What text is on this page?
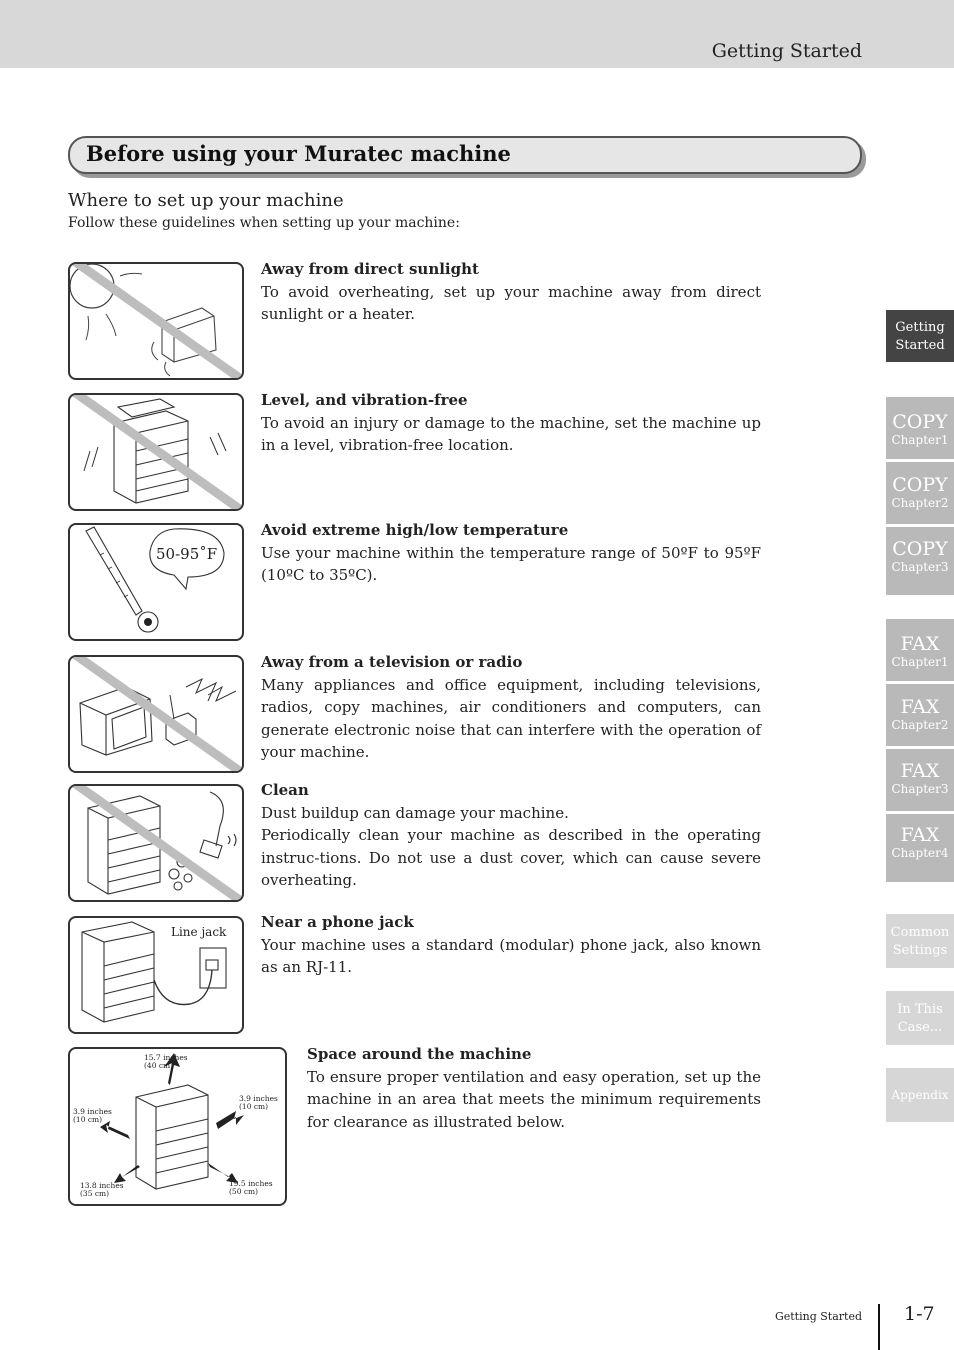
Getting Started
Before using your Muratec machine
Where to set up your machine
Follow these guidelines when setting up your machine:
Away from direct sunlight

To avoid overheating, set up your machine away from direct sunlight or a heater.

Level, and vibration-free

To avoid an injury or damage to the machine, set the machine up in a level, vibration-free location.

50-95˚F
Avoid extreme high/low temperature

Use your machine within the temperature range of 50ºF to 95ºF (10ºC to 35ºC).

Away from a television or radio

Many appliances and office equipment, including televisions, radios, copy machines, air conditioners and computers, can generate electronic noise that can interfere with the operation of your machine.

Clean

Dust buildup can damage your machine.

Periodically clean your machine as described in the operating instruc-tions. Do not use a dust cover, which can cause severe overheating.

Line jack
Near a phone jack

Your machine uses a standard (modular) phone jack, also known as an RJ-11.

15.7 inches
(40 cm)
3.9 inches
(10 cm)
3.9 inches
(10 cm)
13.8 inches
(35 cm)
19.5 inches
(50 cm)
Space around the machine

To ensure proper ventilation and easy operation, set up the machine in an area that meets the minimum requirements for clearance as illustrated below.

Getting
Started
COPY
Chapter1
COPY
Chapter2
COPY
Chapter3
FAX
Chapter1
FAX
Chapter2
FAX
Chapter3
FAX
Chapter4
Common
Settings
In This
Case...
Appendix
Getting Started 1-7
